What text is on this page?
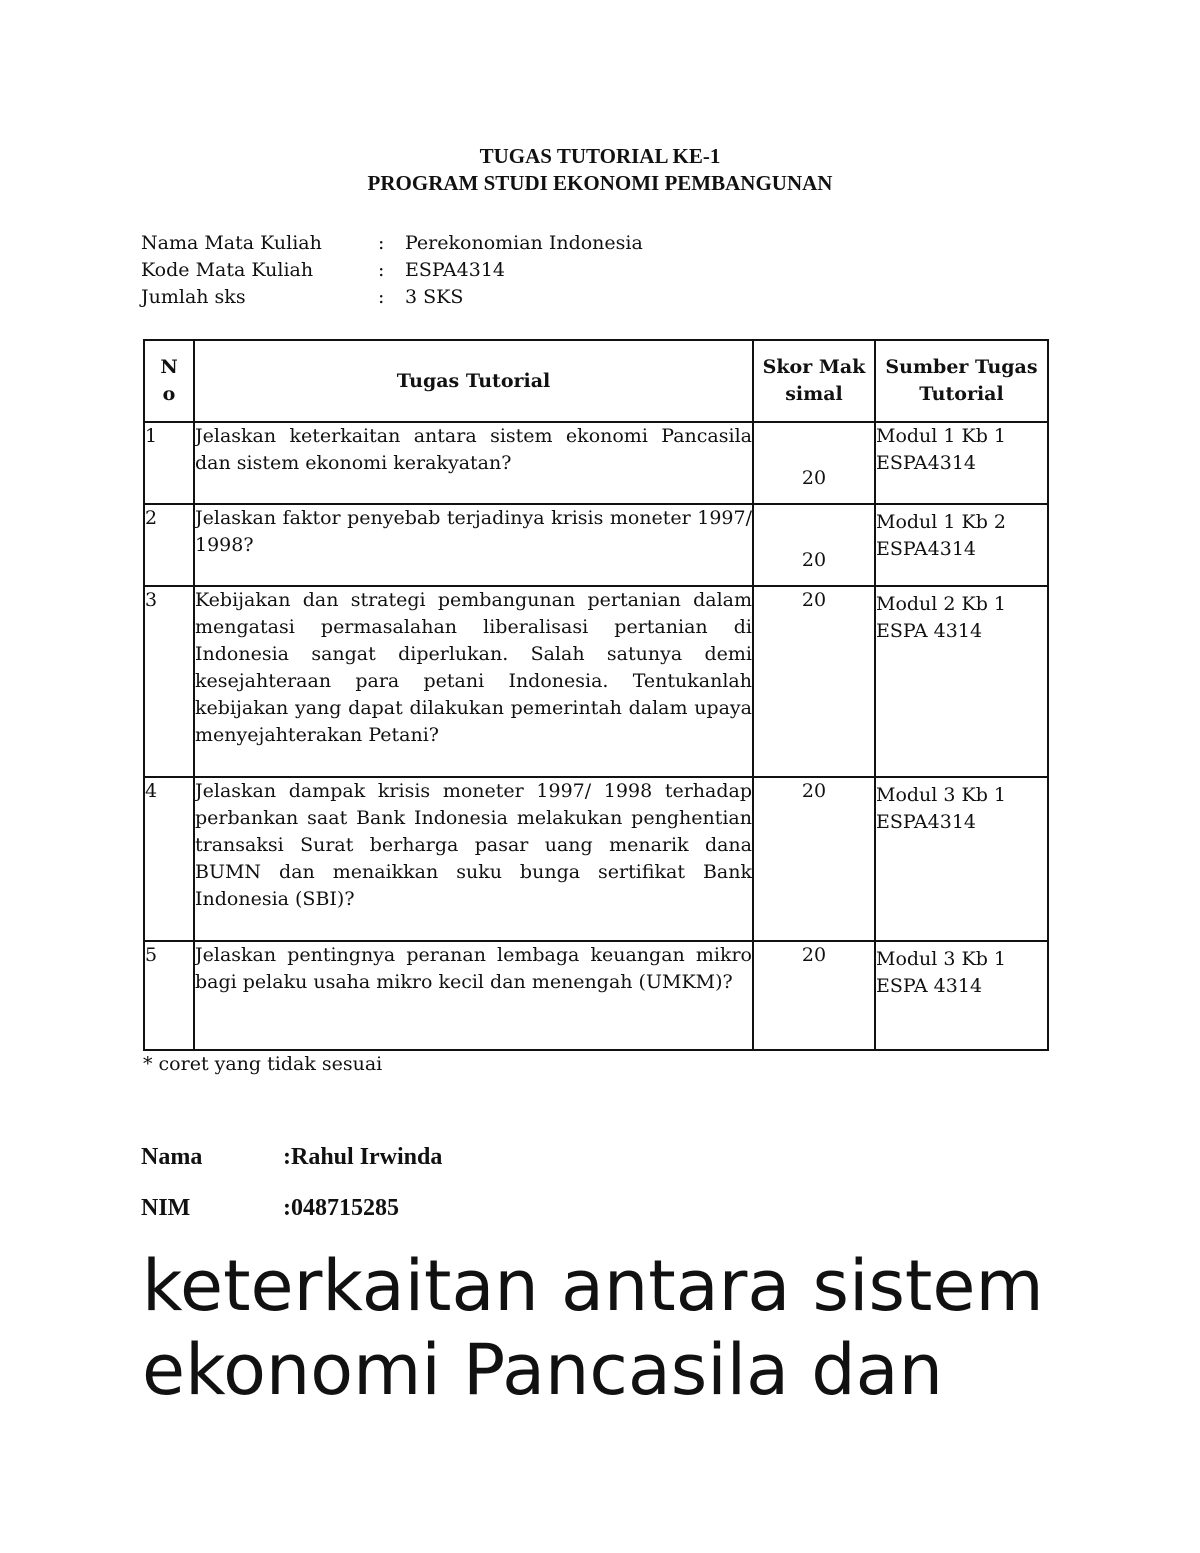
TUGAS TUTORIAL KE-1
PROGRAM STUDI EKONOMI PEMBANGUNAN
Nama Mata Kuliah	: Perekonomian Indonesia
Kode Mata Kuliah	: ESPA4314
Jumlah sks	: 3 SKS
No	Tugas Tutorial	Skor Maksimal	Sumber Tugas Tutorial
1	Jelaskan keterkaitan antara sistem ekonomi Pancasila dan sistem ekonomi kerakyatan?	20	Modul 1 Kb 1
ESPA4314

2	Jelaskan faktor penyebab terjadinya krisis moneter 1997/ 1998?	20	Modul 1 Kb 2
ESPA4314

3	Kebijakan dan strategi pembangunan pertanian dalam mengatasi permasalahan liberalisasi pertanian di Indonesia sangat diperlukan. Salah satunya demi kesejahteraan para petani Indonesia. Tentukanlah kebijakan yang dapat dilakukan pemerintah dalam upaya menyejahterakan Petani?	20	Modul 2 Kb 1
ESPA 4314

4	Jelaskan dampak krisis moneter 1997/ 1998 terhadap perbankan saat Bank Indonesia melakukan penghentian transaksi Surat berharga pasar uang menarik dana BUMN dan menaikkan suku bunga sertifikat Bank Indonesia (SBI)?	20	Modul 3 Kb 1
ESPA4314

5	Jelaskan pentingnya peranan lembaga keuangan mikro bagi pelaku usaha mikro kecil dan menengah (UMKM)?	20	Modul 3 Kb 1
ESPA 4314
* coret yang tidak sesuai
Nama	:Rahul Irwinda
NIM	:048715285
keterkaitan antara sistem
ekonomi Pancasila dan
